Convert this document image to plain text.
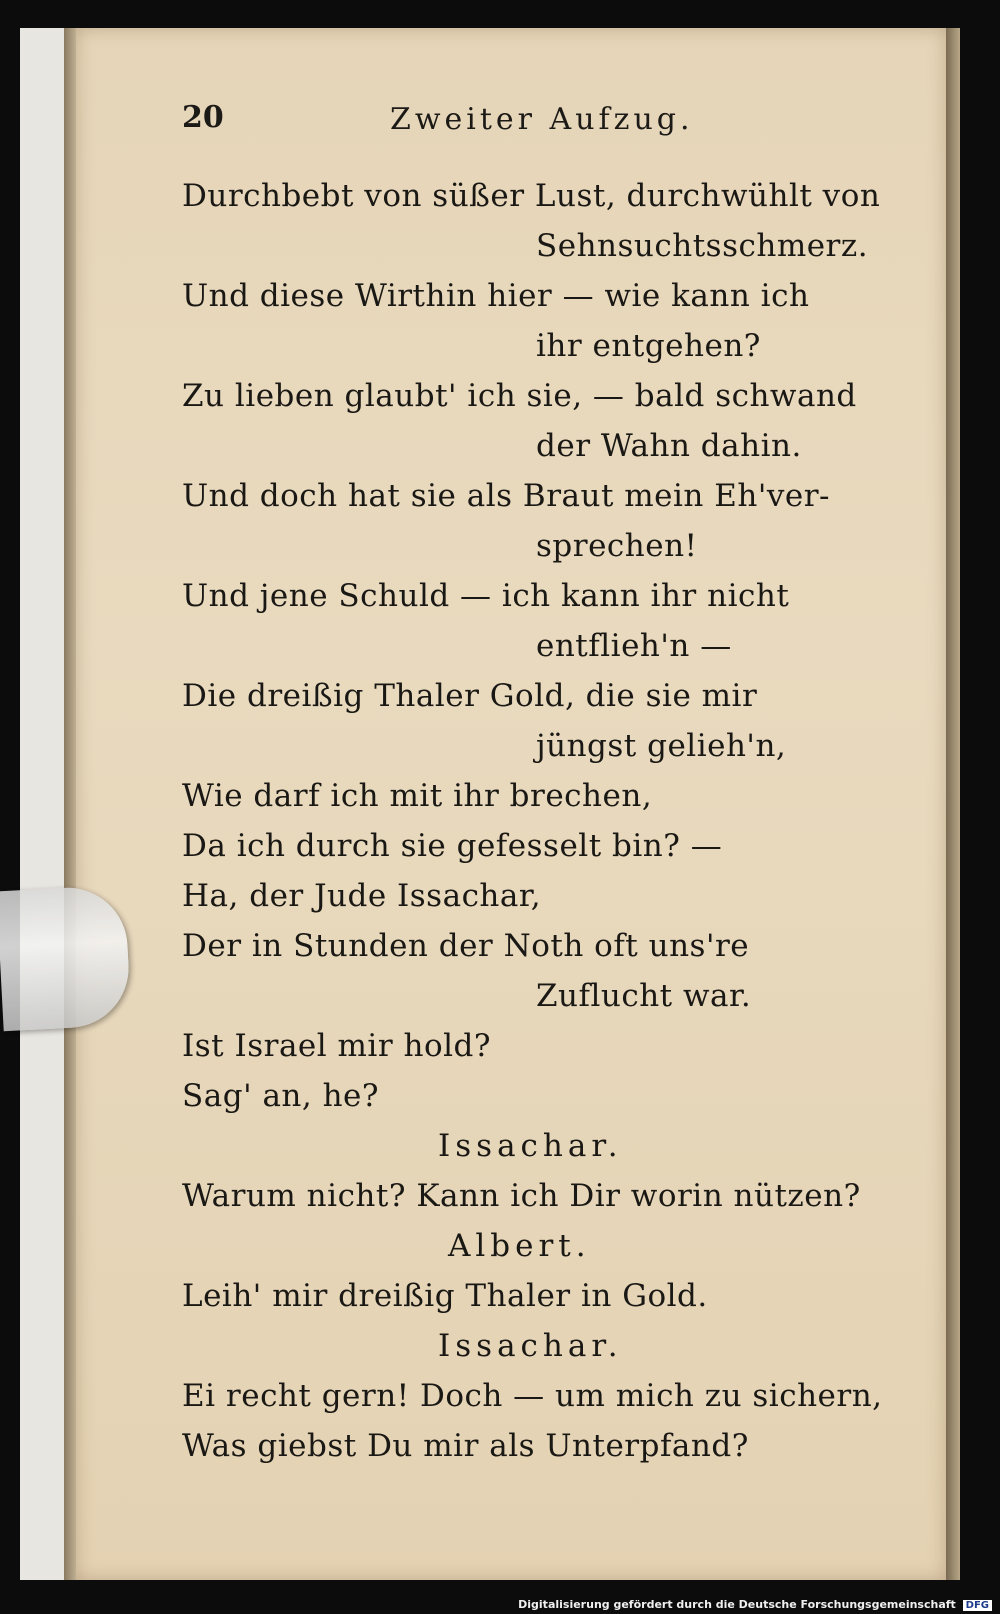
20	Zweiter Aufzug.
Durchbebt von süßer Lust, durchwühlt von
Sehnsuchtsschmerz.
Und diese Wirthin hier — wie kann ich
ihr entgehen?
Zu lieben glaubt' ich sie, — bald schwand
der Wahn dahin.
Und doch hat sie als Braut mein Eh'ver-
sprechen!
Und jene Schuld — ich kann ihr nicht
entflieh'n —
Die dreißig Thaler Gold, die sie mir
jüngst gelieh'n,
Wie darf ich mit ihr brechen,
Da ich durch sie gefesselt bin? —
Ha, der Jude Issachar,
Der in Stunden der Noth oft uns're
Zuflucht war.
Ist Israel mir hold?
Sag' an, he?
Issachar.
Warum nicht? Kann ich Dir worin nützen?
Albert.
Leih' mir dreißig Thaler in Gold.
Issachar.
Ei recht gern! Doch — um mich zu sichern,
Was giebst Du mir als Unterpfand?
Digitalisierung gefördert durch die Deutsche Forschungsgemeinschaft DFG
